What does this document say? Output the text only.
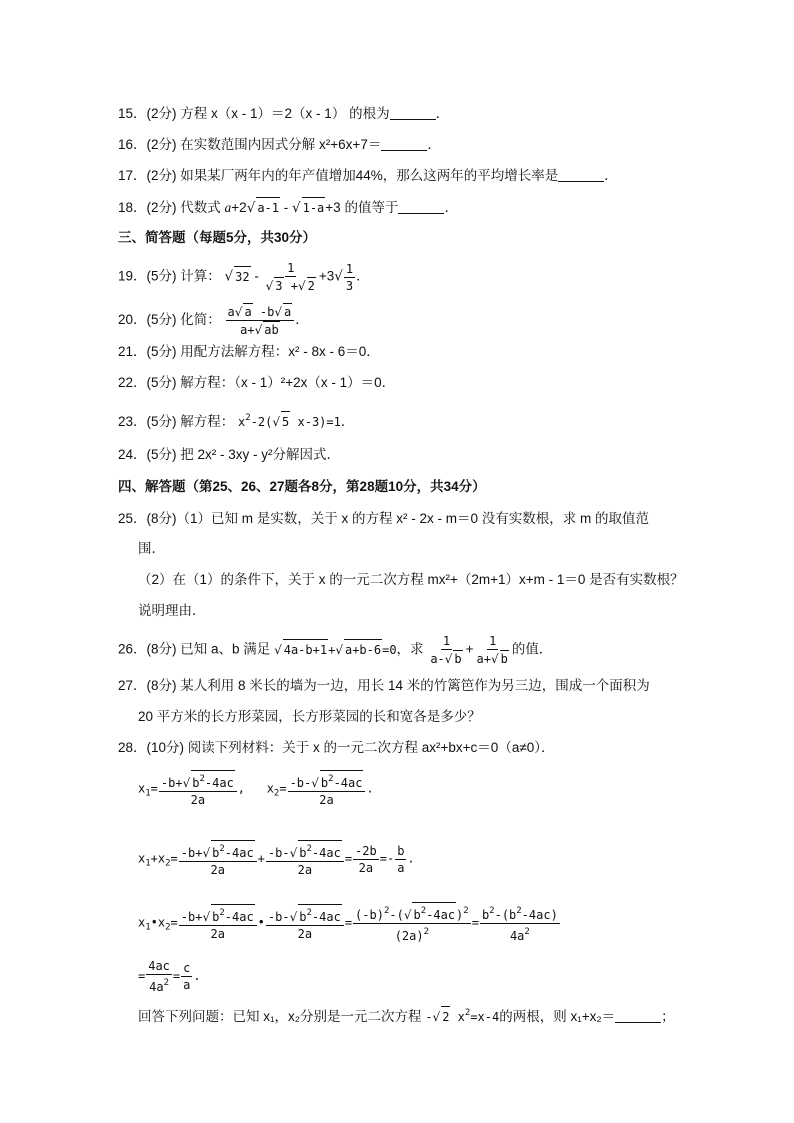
15．(2分) 方程 x（x - 1）＝2（x - 1） 的根为	．
16．(2分) 在实数范围内因式分解 x²+6x+7＝	．
17．(2分) 如果某厂两年内的年产值增加44%，那么这两年的平均增长率是	．
18．(2分) 代数式 a+2√ a-1 - √ 1-a+3 的值等于	．
三、简答题（每题5分，共30分）
19．(5分) 计算： √ $32 - \frac{1}{√ 3 +√ 2} +3√ \frac{1}{3}$ ．
20．(5分) 化简： $\frac{a√ a -b√ a}{a+√ ab}$ ．
21．(5分) 用配方法解方程：x² - 8x - 6＝0．
22．(5分) 解方程：（x - 1）²+2x（x - 1）＝0．
23．(5分) 解方程： $x^2-2(√$ 5 x-3)=1．
24．(5分) 把 2x² - 3xy - y²分解因式．
四、解答题（第25、26、27题各8分，第28题10分，共34分）
25．(8分)（1）已知 m 是实数，关于 x 的方程 x² - 2x - m＝0 没有实数根，求 m 的取值范
围．
（2）在（1）的条件下，关于 x 的一元二次方程 mx²+（2m+1）x+m - 1＝0 是否有实数根？
说明理由．
26．(8分) 已知 a、b 满足 √ 4a-b+1+√ a+b-6=0，求 $\frac{1}{a-√ b} + \frac{1}{a+√ b}$ 的值．
27．(8分) 某人利用 8 米长的墙为一边，用长 14 米的竹篱笆作为另三边，围成一个面积为
20 平方米的长方形菜园，长方形菜园的长和宽各是多少？
28．(10分) 阅读下列材料：关于 x 的一元二次方程 ax²+bx+c＝0（a≠0）．
$x_1= \frac{-b+√ b^2-4ac}{2a}$ ,   $x_2= \frac{-b-√ b^2-4ac}{2a}$ .
$x_1+x_2= \frac{-b+√ b^2-4ac}{2a} + \frac{-b-√ b^2-4ac}{2a} = \frac{-2b}{2a} =- \frac{b}{a}$ .
$x_1•x_2= \frac{-b+√ b^2-4ac}{2a}$ • $\frac{-b-√ b^2-4ac}{2a} = \frac{(-b)^2-(√ b^2-4ac)^2}{(2a)^2} = \frac{b^2-(b^2-4ac)}{4a^2}$
= $\frac{4ac}{4a^2} = \frac{c}{a}$ .
回答下列问题：已知 x₁，x₂分别是一元二次方程 -√ 2 $x^2=x-4$的两根，则 x₁+x₂＝	；
